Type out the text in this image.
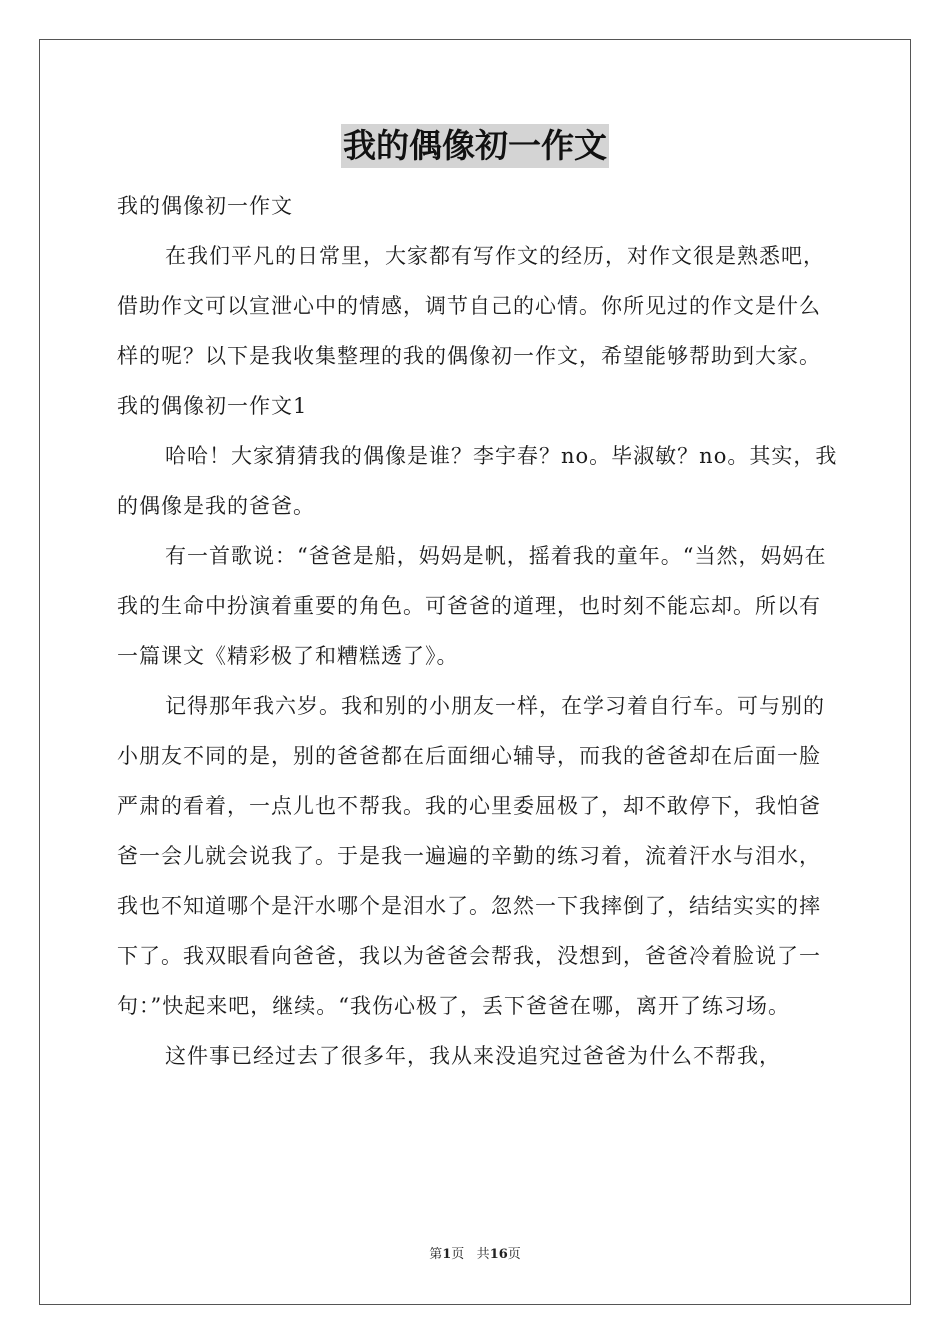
我的偶像初一作文

我的偶像初一作文

在我们平凡的日常里，大家都有写作文的经历，对作文很是熟悉吧，借助作文可以宣泄心中的情感，调节自己的心情。你所见过的作文是什么样的呢？以下是我收集整理的我的偶像初一作文，希望能够帮助到大家。

我的偶像初一作文1

哈哈！大家猜猜我的偶像是谁？李宇春？no。毕淑敏？no。其实，我的偶像是我的爸爸。

有一首歌说：“爸爸是船，妈妈是帆，摇着我的童年。“当然，妈妈在我的生命中扮演着重要的角色。可爸爸的道理，也时刻不能忘却。所以有一篇课文《精彩极了和糟糕透了》。

记得那年我六岁。我和别的小朋友一样，在学习着自行车。可与别的小朋友不同的是，别的爸爸都在后面细心辅导，而我的爸爸却在后面一脸严肃的看着，一点儿也不帮我。我的心里委屈极了，却不敢停下，我怕爸爸一会儿就会说我了。于是我一遍遍的辛勤的练习着，流着汗水与泪水，我也不知道哪个是汗水哪个是泪水了。忽然一下我摔倒了，结结实实的摔下了。我双眼看向爸爸，我以为爸爸会帮我，没想到，爸爸冷着脸说了一句：”快起来吧，继续。“我伤心极了，丢下爸爸在哪，离开了练习场。

这件事已经过去了很多年，我从来没追究过爸爸为什么不帮我，

第1页 共16页
